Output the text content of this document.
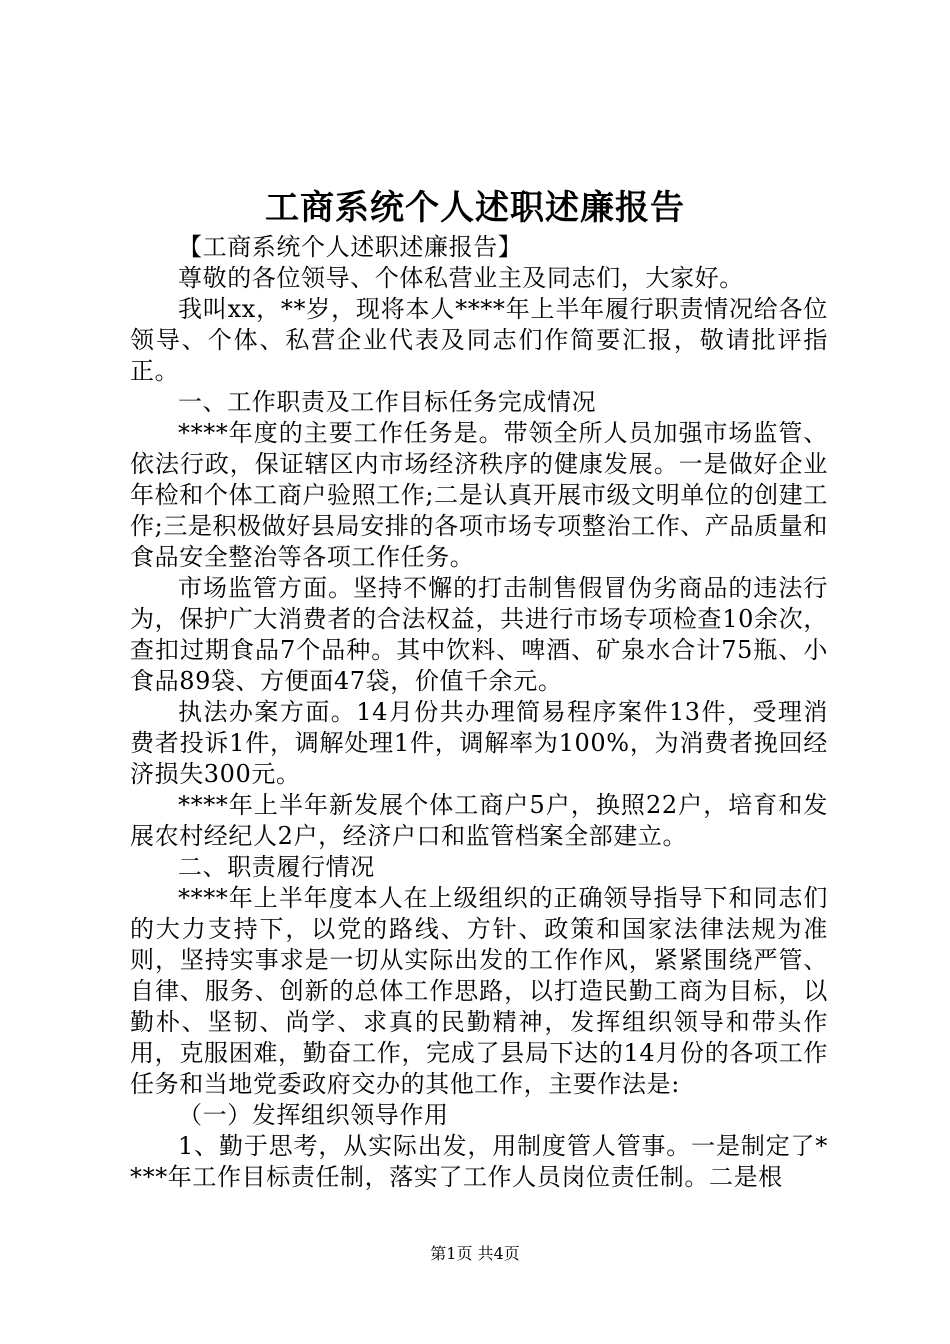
工商系统个人述职述廉报告

【工商系统个人述职述廉报告】

尊敬的各位领导、个体私营业主及同志们，大家好。

我叫xx，**岁，现将本人****年上半年履行职责情况给各位领导、个体、私营企业代表及同志们作简要汇报，敬请批评指正。

一、工作职责及工作目标任务完成情况

****年度的主要工作任务是。带领全所人员加强市场监管、依法行政，保证辖区内市场经济秩序的健康发展。一是做好企业年检和个体工商户验照工作;二是认真开展市级文明单位的创建工作;三是积极做好县局安排的各项市场专项整治工作、产品质量和食品安全整治等各项工作任务。

市场监管方面。坚持不懈的打击制售假冒伪劣商品的违法行为，保护广大消费者的合法权益，共进行市场专项检查10余次，查扣过期食品7个品种。其中饮料、啤酒、矿泉水合计75瓶、小食品89袋、方便面47袋，价值千余元。

执法办案方面。14月份共办理简易程序案件13件，受理消费者投诉1件，调解处理1件，调解率为100%，为消费者挽回经济损失300元。

****年上半年新发展个体工商户5户，换照22户，培育和发展农村经纪人2户，经济户口和监管档案全部建立。

二、职责履行情况

****年上半年度本人在上级组织的正确领导指导下和同志们的大力支持下，以党的路线、方针、政策和国家法律法规为准则，坚持实事求是一切从实际出发的工作作风，紧紧围绕严管、自律、服务、创新的总体工作思路，以打造民勤工商为目标，以勤朴、坚韧、尚学、求真的民勤精神，发挥组织领导和带头作用，克服困难，勤奋工作，完成了县局下达的14月份的各项工作任务和当地党委政府交办的其他工作，主要作法是:

（一）发挥组织领导作用

1、勤于思考，从实际出发，用制度管人管事。一是制定了****年工作目标责任制，落实了工作人员岗位责任制。二是根

第1页 共4页
